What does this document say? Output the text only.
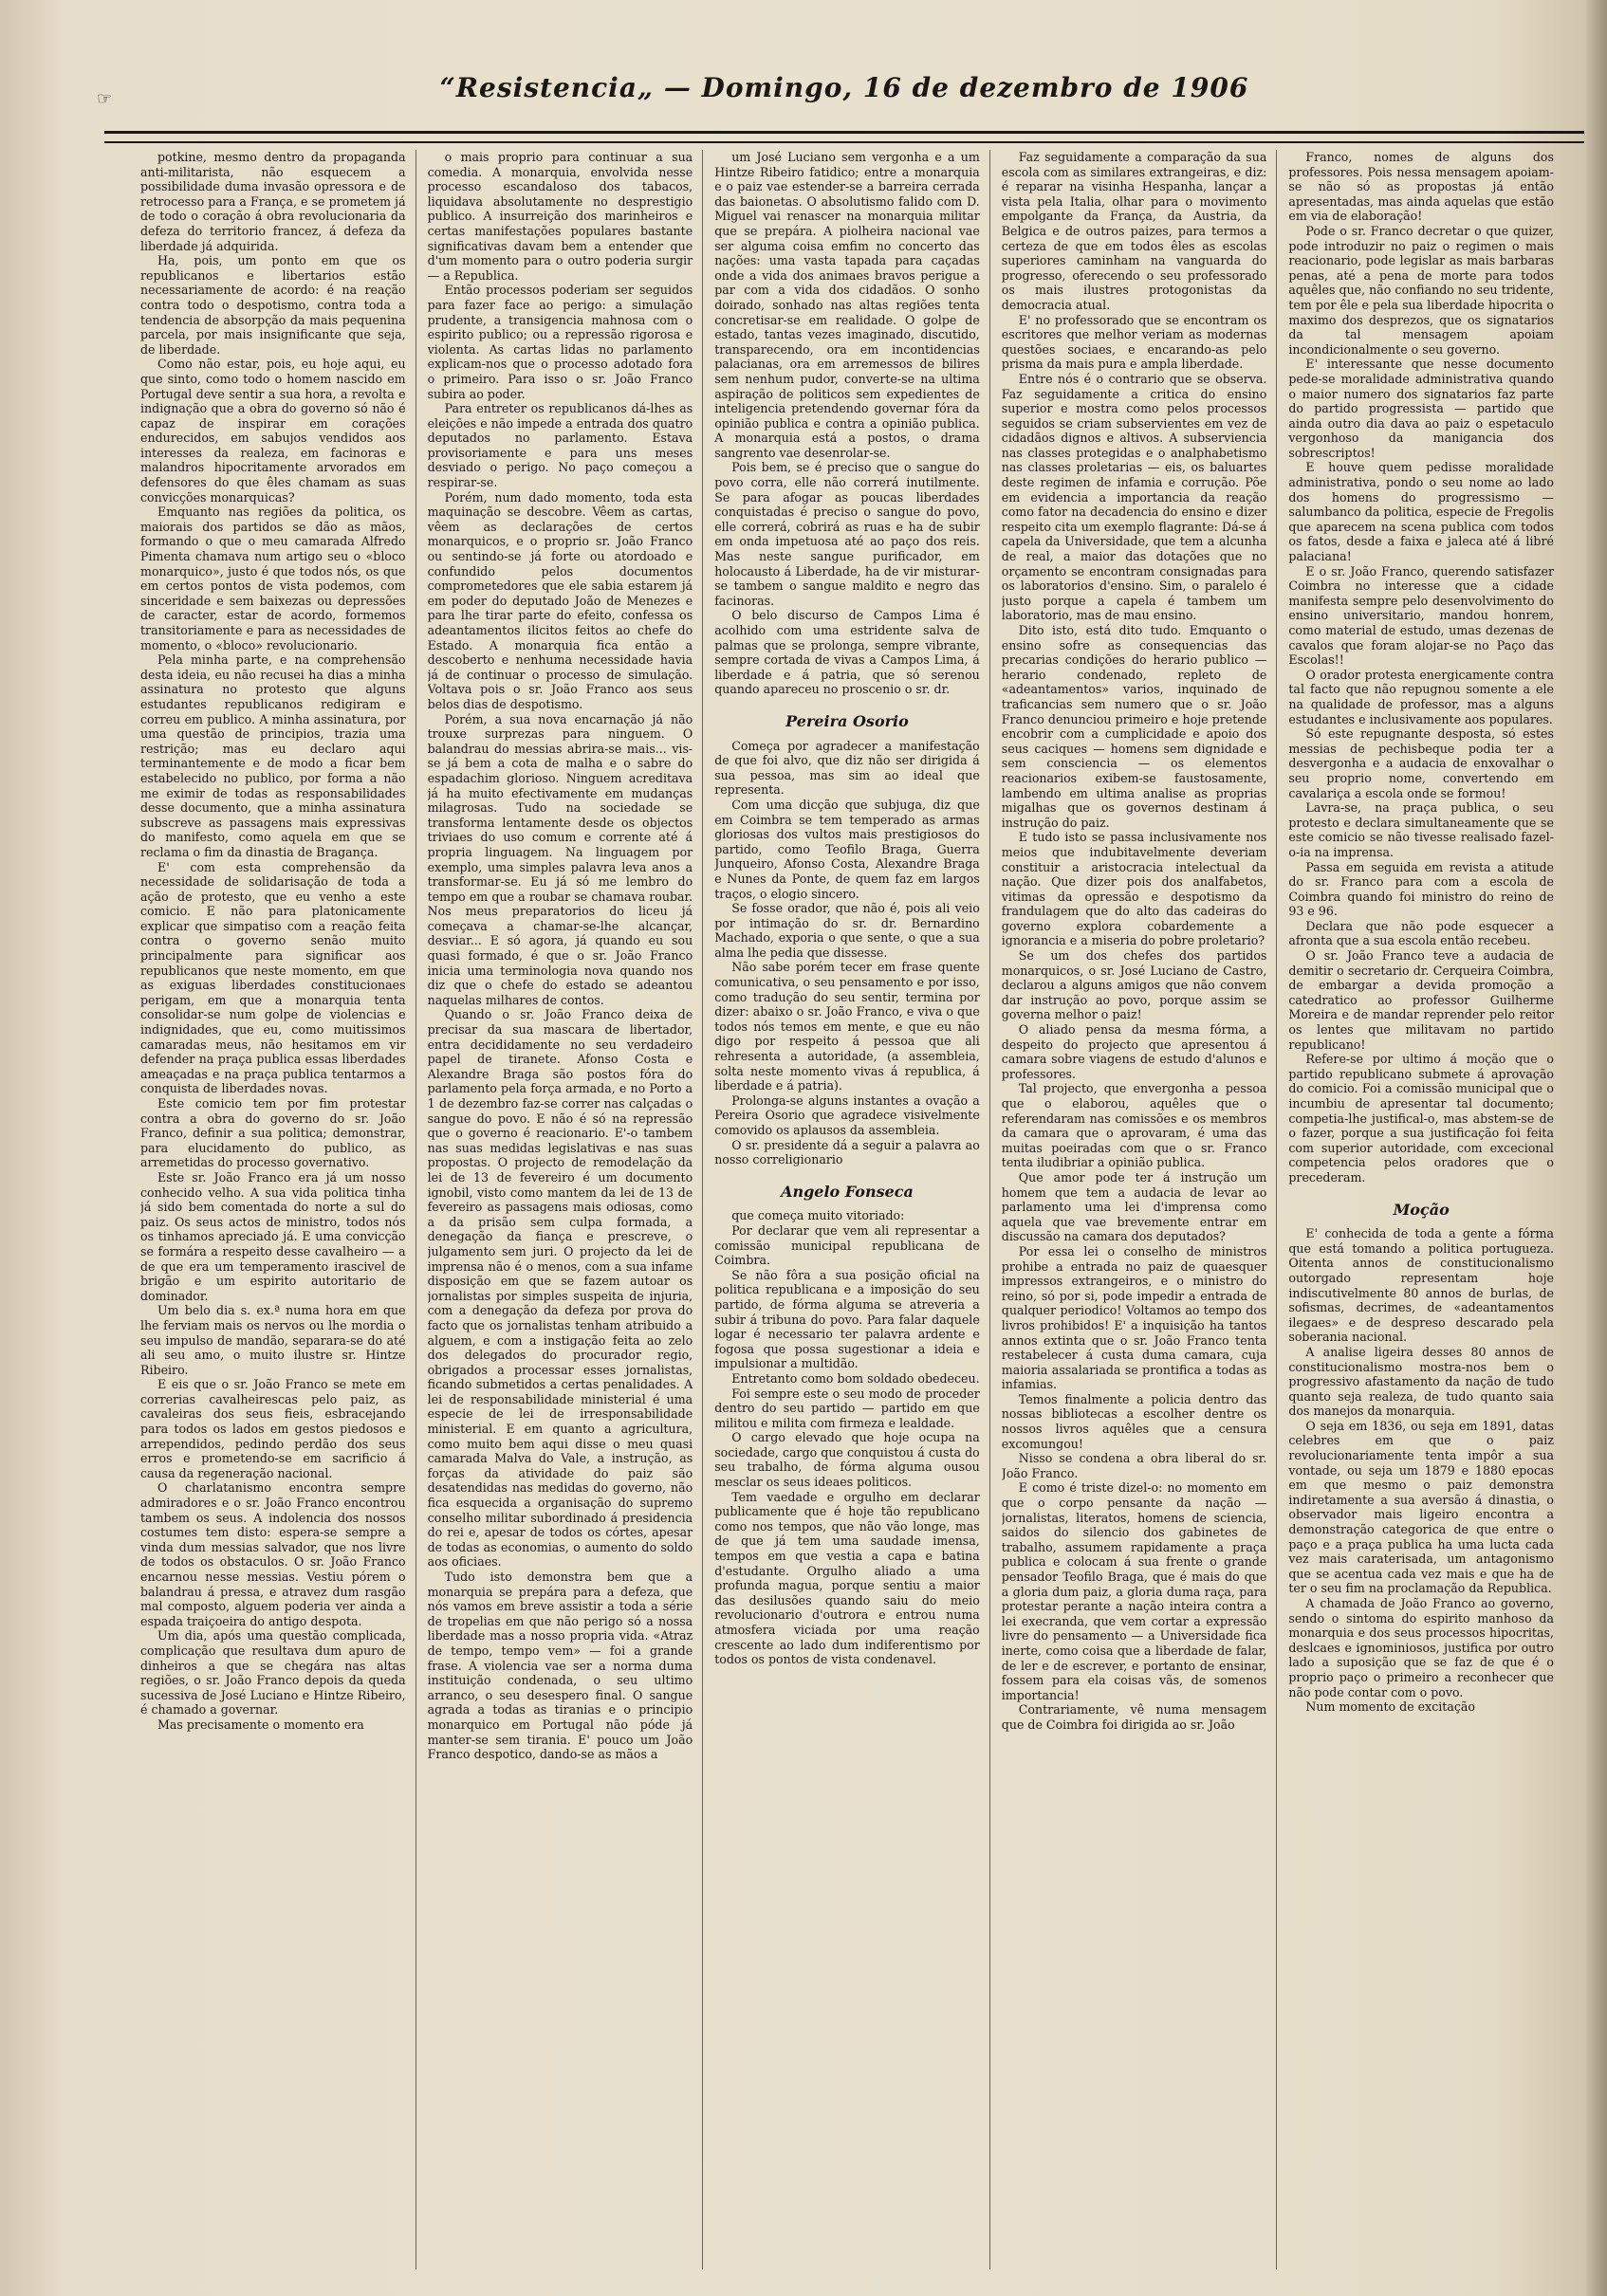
☞	“Resistencia„ — Domingo, 16 de dezembro de 1906

potkine, mesmo dentro da propaganda anti-militarista, não esquecem a possibilidade duma invasão opressora e de retrocesso para a França, e se prometem já de todo o coração á obra revolucionaria da defeza do territorio francez, á defeza da liberdade já adquirida.

Ha, pois, um ponto em que os republicanos e libertarios estão necessariamente de acordo: é na reação contra todo o despotismo, contra toda a tendencia de absorpção da mais pequenina parcela, por mais insignificante que seja, de liberdade.

Como não estar, pois, eu hoje aqui, eu que sinto, como todo o homem nascido em Portugal deve sentir a sua hora, a revolta e indignação que a obra do governo só não é capaz de inspirar em corações endurecidos, em sabujos vendidos aos interesses da realeza, em facinoras e malandros hipocritamente arvorados em defensores do que êles chamam as suas convicções monarquicas?

Emquanto nas regiões da politica, os maiorais dos partidos se dão as mãos, formando o que o meu camarada Alfredo Pimenta chamava num artigo seu o «bloco monarquico», justo é que todos nós, os que em certos pontos de vista podemos, com sinceridade e sem baixezas ou depressões de caracter, estar de acordo, formemos transitoriamente e para as necessidades de momento, o «bloco» revolucionario.

Pela minha parte, e na comprehensão desta ideia, eu não recusei ha dias a minha assinatura no protesto que alguns estudantes republicanos redigiram e correu em publico. A minha assinatura, por uma questão de principios, trazia uma restrição; mas eu declaro aqui terminantemente e de modo a ficar bem estabelecido no publico, por forma a não me eximir de todas as responsabilidades desse documento, que a minha assinatura subscreve as passagens mais expressivas do manifesto, como aquela em que se reclama o fim da dinastia de Bragança.

E' com esta comprehensão da necessidade de solidarisação de toda a ação de protesto, que eu venho a este comicio. E não para platonicamente explicar que simpatiso com a reação feita contra o governo senão muito principalmente para significar aos republicanos que neste momento, em que as exiguas liberdades constitucionaes perigam, em que a monarquia tenta consolidar-se num golpe de violencias e indignidades, que eu, como muitissimos camaradas meus, não hesitamos em vir defender na praça publica essas liberdades ameaçadas e na praça publica tentarmos a conquista de liberdades novas.

Este comicio tem por fim protestar contra a obra do governo do sr. João Franco, definir a sua politica; demonstrar, para elucidamento do publico, as arremetidas do processo governativo.

Este sr. João Franco era já um nosso conhecido velho. A sua vida politica tinha já sido bem comentada do norte a sul do paiz. Os seus actos de ministro, todos nós os tinhamos apreciado já. E uma convicção se formára a respeito desse cavalheiro — a de que era um temperamento irascivel de brigão e um espirito autoritario de dominador.

Um belo dia s. ex.ª numa hora em que lhe ferviam mais os nervos ou lhe mordia o seu impulso de mandão, separara-se do até ali seu amo, o muito ilustre sr. Hintze Ribeiro.

E eis que o sr. João Franco se mete em correrias cavalheirescas pelo paiz, as cavaleiras dos seus fieis, esbracejando para todos os lados em gestos piedosos e arrependidos, pedindo perdão dos seus erros e prometendo-se em sacrificio á causa da regeneração nacional.

O charlatanismo encontra sempre admiradores e o sr. João Franco encontrou tambem os seus. A indolencia dos nossos costumes tem disto: espera-se sempre a vinda dum messias salvador, que nos livre de todos os obstaculos. O sr. João Franco encarnou nesse messias. Vestiu pórem o balandrau á pressa, e atravez dum rasgão mal composto, alguem poderia ver ainda a espada traiçoeira do antigo despota.

Um dia, após uma questão complicada, complicação que resultava dum apuro de dinheiros a que se chegára nas altas regiões, o sr. João Franco depois da queda sucessiva de José Luciano e Hintze Ribeiro, é chamado a governar.

Mas precisamente o momento era

o mais proprio para continuar a sua comedia. A monarquia, envolvida nesse processo escandaloso dos tabacos, liquidava absolutamente no desprestigio publico. A insurreição dos marinheiros e certas manifestações populares bastante significativas davam bem a entender que d'um momento para o outro poderia surgir — a Republica.

Então processos poderiam ser seguidos para fazer face ao perigo: a simulação prudente, a transigencia mahnosa com o espirito publico; ou a repressão rigorosa e violenta. As cartas lidas no parlamento explicam-nos que o processo adotado fora o primeiro. Para isso o sr. João Franco subira ao poder.

Para entreter os republicanos dá-lhes as eleições e não impede a entrada dos quatro deputados no parlamento. Estava provisoriamente e para uns meses desviado o perigo. No paço começou a respirar-se.

Porém, num dado momento, toda esta maquinação se descobre. Vêem as cartas, vêem as declarações de certos monarquicos, e o proprio sr. João Franco ou sentindo-se já forte ou atordoado e confundido pelos documentos comprometedores que ele sabia estarem já em poder do deputado João de Menezes e para lhe tirar parte do efeito, confessa os adeantamentos ilicitos feitos ao chefe do Estado. A monarquia fica então a descoberto e nenhuma necessidade havia já de continuar o processo de simulação. Voltava pois o sr. João Franco aos seus belos dias de despotismo.

Porém, a sua nova encarnação já não trouxe surprezas para ninguem. O balandrau do messias abrira-se mais... vis-se já bem a cota de malha e o sabre do espadachim glorioso. Ninguem acreditava já ha muito efectivamente em mudanças milagrosas. Tudo na sociedade se transforma lentamente desde os objectos triviaes do uso comum e corrente até á propria linguagem. Na linguagem por exemplo, uma simples palavra leva anos a transformar-se. Eu já só me lembro do tempo em que a roubar se chamava roubar. Nos meus preparatorios do liceu já começava a chamar-se-lhe alcançar, desviar... E só agora, já quando eu sou quasi formado, é que o sr. João Franco inicia uma terminologia nova quando nos diz que o chefe do estado se adeantou naquelas milhares de contos.

Quando o sr. João Franco deixa de precisar da sua mascara de libertador, entra decididamente no seu verdadeiro papel de tiranete. Afonso Costa e Alexandre Braga são postos fóra do parlamento pela força armada, e no Porto a 1 de dezembro faz-se correr nas calçadas o sangue do povo. E não é só na repressão que o governo é reacionario. E'-o tambem nas suas medidas legislativas e nas suas propostas. O projecto de remodelação da lei de 13 de fevereiro é um documento ignobil, visto como mantem da lei de 13 de fevereiro as passagens mais odiosas, como a da prisão sem culpa formada, a denegação da fiança e prescreve, o julgamento sem juri. O projecto da lei de imprensa não é o menos, com a sua infame disposição em que se fazem autoar os jornalistas por simples suspeita de injuria, com a denegação da defeza por prova do facto que os jornalistas tenham atribuido a alguem, e com a instigação feita ao zelo dos delegados do procurador regio, obrigados a processar esses jornalistas, ficando submetidos a certas penalidades. A lei de responsabilidade ministerial é uma especie de lei de irresponsabilidade ministerial. E em quanto a agricultura, como muito bem aqui disse o meu quasi camarada Malva do Vale, a instrução, as forças da atividade do paiz são desatendidas nas medidas do governo, não fica esquecida a organisação do supremo conselho militar subordinado á presidencia do rei e, apesar de todos os córtes, apesar de todas as economias, o aumento do soldo aos oficiaes.

Tudo isto demonstra bem que a monarquia se prepára para a defeza, que nós vamos em breve assistir a toda a série de tropelias em que não perigo só a nossa liberdade mas a nosso propria vida. «Atraz de tempo, tempo vem» — foi a grande frase. A violencia vae ser a norma duma instituição condenada, o seu ultimo arranco, o seu desespero final. O sangue agrada a todas as tiranias e o principio monarquico em Portugal não póde já manter-se sem tirania. E' pouco um João Franco despotico, dando-se as mãos a

um José Luciano sem vergonha e a um Hintze Ribeiro fatidico; entre a monarquia e o paiz vae estender-se a barreira cerrada das baionetas. O absolutismo falido com D. Miguel vai renascer na monarquia militar que se prepára. A piolheira nacional vae ser alguma coisa emfim no concerto das nações: uma vasta tapada para caçadas onde a vida dos animaes bravos perigue a par com a vida dos cidadãos. O sonho doirado, sonhado nas altas regiões tenta concretisar-se em realidade. O golpe de estado, tantas vezes imaginado, discutido, transparecendo, ora em incontidencias palacianas, ora em arremessos de bilires sem nenhum pudor, converte-se na ultima aspiração de politicos sem expedientes de inteligencia pretendendo governar fóra da opinião publica e contra a opinião publica. A monarquia está a postos, o drama sangrento vae desenrolar-se.

Pois bem, se é preciso que o sangue do povo corra, elle não correrá inutilmente. Se para afogar as poucas liberdades conquistadas é preciso o sangue do povo, elle correrá, cobrirá as ruas e ha de subir em onda impetuosa até ao paço dos reis. Mas neste sangue purificador, em holocausto á Liberdade, ha de vir misturar-se tambem o sangue maldito e negro das facinoras.

O belo discurso de Campos Lima é acolhido com uma estridente salva de palmas que se prolonga, sempre vibrante, sempre cortada de vivas a Campos Lima, á liberdade e á patria, que só serenou quando apareceu no proscenio o sr. dr.

Pereira Osorio

Começa por agradecer a manifestação de que foi alvo, que diz não ser dirigida á sua pessoa, mas sim ao ideal que representa.

Com uma dicção que subjuga, diz que em Coimbra se tem temperado as armas gloriosas dos vultos mais prestigiosos do partido, como Teofilo Braga, Guerra Junqueiro, Afonso Costa, Alexandre Braga e Nunes da Ponte, de quem faz em largos traços, o elogio sincero.

Se fosse orador, que não é, pois ali veio por intimação do sr. dr. Bernardino Machado, exporia o que sente, o que a sua alma lhe pedia que dissesse.

Não sabe porém tecer em frase quente comunicativa, o seu pensamento e por isso, como tradução do seu sentir, termina por dizer: abaixo o sr. João Franco, e viva o que todos nós temos em mente, e que eu não digo por respeito á pessoa que ali rehresenta a autoridade, (a assembleia, solta neste momento vivas á republica, á liberdade e á patria).

Prolonga-se alguns instantes a ovação a Pereira Osorio que agradece visivelmente comovido os aplausos da assembleia.

O sr. presidente dá a seguir a palavra ao nosso correligionario

Angelo Fonseca

que começa muito vitoriado:

Por declarar que vem ali representar a comissão municipal republicana de Coimbra.

Se não fôra a sua posição oficial na politica republicana e a imposição do seu partido, de fórma alguma se atreveria a subir á tribuna do povo. Para falar daquele logar é necessario ter palavra ardente e fogosa que possa sugestionar a ideia e impulsionar a multidão.

Entretanto como bom soldado obedeceu.

Foi sempre este o seu modo de proceder dentro do seu partido — partido em que militou e milita com firmeza e lealdade.

O cargo elevado que hoje ocupa na sociedade, cargo que conquistou á custa do seu trabalho, de fórma alguma ousou mesclar os seus ideaes politicos.

Tem vaedade e orgulho em declarar publicamente que é hoje tão republicano como nos tempos, que não vão longe, mas de que já tem uma saudade imensa, tempos em que vestia a capa e batina d'estudante. Orgulho aliado a uma profunda magua, porque sentiu a maior das desilusões quando saiu do meio revolucionario d'outrora e entrou numa atmosfera viciada por uma reação crescente ao lado dum indiferentismo por todos os pontos de vista condenavel.

Faz seguidamente a comparação da sua escola com as similares extrangeiras, e diz: é reparar na visinha Hespanha, lançar a vista pela Italia, olhar para o movimento empolgante da França, da Austria, da Belgica e de outros paizes, para termos a certeza de que em todos êles as escolas superiores caminham na vanguarda do progresso, oferecendo o seu professorado os mais ilustres protogonistas da democracia atual.

E' no professorado que se encontram os escritores que melhor veriam as modernas questões sociaes, e encarando-as pelo prisma da mais pura e ampla liberdade.

Entre nós é o contrario que se observa. Faz seguidamente a critica do ensino superior e mostra como pelos processos seguidos se criam subservientes em vez de cidadãos dignos e altivos. A subserviencia nas classes protegidas e o analphabetismo nas classes proletarias — eis, os baluartes deste regimen de infamia e corrução. Põe em evidencia a importancia da reação como fator na decadencia do ensino e dizer respeito cita um exemplo flagrante: Dá-se á capela da Universidade, que tem a alcunha de real, a maior das dotações que no orçamento se encontram consignadas para os laboratorios d'ensino. Sim, o paralelo é justo porque a capela é tambem um laboratorio, mas de mau ensino.

Dito isto, está dito tudo. Emquanto o ensino sofre as consequencias das precarias condições do herario publico — herario condenado, repleto de «adeantamentos» varios, inquinado de traficancias sem numero que o sr. João Franco denunciou primeiro e hoje pretende encobrir com a cumplicidade e apoio dos seus caciques — homens sem dignidade e sem consciencia — os elementos reacionarios exibem-se faustosamente, lambendo em ultima analise as proprias migalhas que os governos destinam á instrução do paiz.

E tudo isto se passa inclusivamente nos meios que indubitavelmente deveriam constituir a aristocracia intelectual da nação. Que dizer pois dos analfabetos, vitimas da opressão e despotismo da frandulagem que do alto das cadeiras do governo explora cobardemente a ignorancia e a miseria do pobre proletario?

Se um dos chefes dos partidos monarquicos, o sr. José Luciano de Castro, declarou a alguns amigos que não convem dar instrução ao povo, porque assim se governa melhor o paiz!

O aliado pensa da mesma fórma, a despeito do projecto que apresentou á camara sobre viagens de estudo d'alunos e professores.

Tal projecto, que envergonha a pessoa que o elaborou, aquêles que o referendaram nas comissões e os membros da camara que o aprovaram, é uma das muitas poeiradas com que o sr. Franco tenta iludibriar a opinião publica.

Que amor pode ter á instrução um homem que tem a audacia de levar ao parlamento uma lei d'imprensa como aquela que vae brevemente entrar em discussão na camara dos deputados?

Por essa lei o conselho de ministros prohibe a entrada no paiz de quaesquer impressos extrangeiros, e o ministro do reino, só por si, pode impedir a entrada de qualquer periodico! Voltamos ao tempo dos livros prohibidos! E' a inquisição ha tantos annos extinta que o sr. João Franco tenta restabelecer á custa duma camara, cuja maioria assalariada se prontifica a todas as infamias.

Temos finalmente a policia dentro das nossas bibliotecas a escolher dentre os nossos livros aquêles que a censura excomungou!

Nisso se condena a obra liberal do sr. João Franco.

E como é triste dizel-o: no momento em que o corpo pensante da nação — jornalistas, literatos, homens de sciencia, saidos do silencio dos gabinetes de trabalho, assumem rapidamente a praça publica e colocam á sua frente o grande pensador Teofilo Braga, que é mais do que a gloria dum paiz, a gloria duma raça, para protestar perante a nação inteira contra a lei execranda, que vem cortar a expressão livre do pensamento — a Universidade fica inerte, como coisa que a liberdade de falar, de ler e de escrever, e portanto de ensinar, fossem para ela coisas vãs, de somenos importancia!

Contrariamente, vê numa mensagem que de Coimbra foi dirigida ao sr. João

Franco, nomes de alguns dos professores. Pois nessa mensagem apoiam-se não só as propostas já então apresentadas, mas ainda aquelas que estão em via de elaboração!

Pode o sr. Franco decretar o que quizer, pode introduzir no paiz o regimen o mais reacionario, pode legislar as mais barbaras penas, até a pena de morte para todos aquêles que, não confiando no seu tridente, tem por êle e pela sua liberdade hipocrita o maximo dos desprezos, que os signatarios da tal mensagem apoiam incondicionalmente o seu governo.

E' interessante que nesse documento pede-se moralidade administrativa quando o maior numero dos signatarios faz parte do partido progressista — partido que ainda outro dia dava ao paiz o espetaculo vergonhoso da manigancia dos sobrescriptos!

E houve quem pedisse moralidade administrativa, pondo o seu nome ao lado dos homens do progressismo — salumbanco da politica, especie de Fregolis que aparecem na scena publica com todos os fatos, desde a faixa e jaleca até á libré palaciana!

E o sr. João Franco, querendo satisfazer Coimbra no interesse que a cidade manifesta sempre pelo desenvolvimento do ensino universitario, mandou honrem, como material de estudo, umas dezenas de cavalos que foram alojar-se no Paço das Escolas!!

O orador protesta energicamente contra tal facto que não repugnou somente a ele na qualidade de professor, mas a alguns estudantes e inclusivamente aos populares.

Só este repugnante desposta, só estes messias de pechisbeque podia ter a desvergonha e a audacia de enxovalhar o seu proprio nome, convertendo em cavalariça a escola onde se formou!

Lavra-se, na praça publica, o seu protesto e declara simultaneamente que se este comicio se não tivesse realisado fazel-o-ia na imprensa.

Passa em seguida em revista a atitude do sr. Franco para com a escola de Coimbra quando foi ministro do reino de 93 e 96.

Declara que não pode esquecer a afronta que a sua escola então recebeu.

O sr. João Franco teve a audacia de demitir o secretario dr. Cerqueira Coimbra, de embargar a devida promoção a catedratico ao professor Guilherme Moreira e de mandar reprender pelo reitor os lentes que militavam no partido republicano!

Refere-se por ultimo á moção que o partido republicano submete á aprovação do comicio. Foi a comissão municipal que o incumbiu de apresentar tal documento; competia-lhe justifical-o, mas abstem-se de o fazer, porque a sua justificação foi feita com superior autoridade, com excecional competencia pelos oradores que o precederam.

Moção

E' conhecida de toda a gente a fórma que está tomando a politica portugueza. Oitenta annos de constitucionalismo outorgado representam hoje indiscutivelmente 80 annos de burlas, de sofismas, decrimes, de «adeantamentos ilegaes» e de despreso descarado pela soberania nacional.

A analise ligeira desses 80 annos de constitucionalismo mostra-nos bem o progressivo afastamento da nação de tudo quanto seja realeza, de tudo quanto saia dos manejos da monarquia.

O seja em 1836, ou seja em 1891, datas celebres em que o paiz revolucionariamente tenta impôr a sua vontade, ou seja um 1879 e 1880 epocas em que mesmo o paiz demonstra indiretamente a sua aversão á dinastia, o observador mais ligeiro encontra a demonstração categorica de que entre o paço e a praça publica ha uma lucta cada vez mais caraterisada, um antagonismo que se acentua cada vez mais e que ha de ter o seu fim na proclamação da Republica.

A chamada de João Franco ao governo, sendo o sintoma do espirito manhoso da monarquia e dos seus processos hipocritas, deslcaes e ignominiosos, justifica por outro lado a suposição que se faz de que é o proprio paço o primeiro a reconhecer que não pode contar com o povo.

Num momento de excitação
